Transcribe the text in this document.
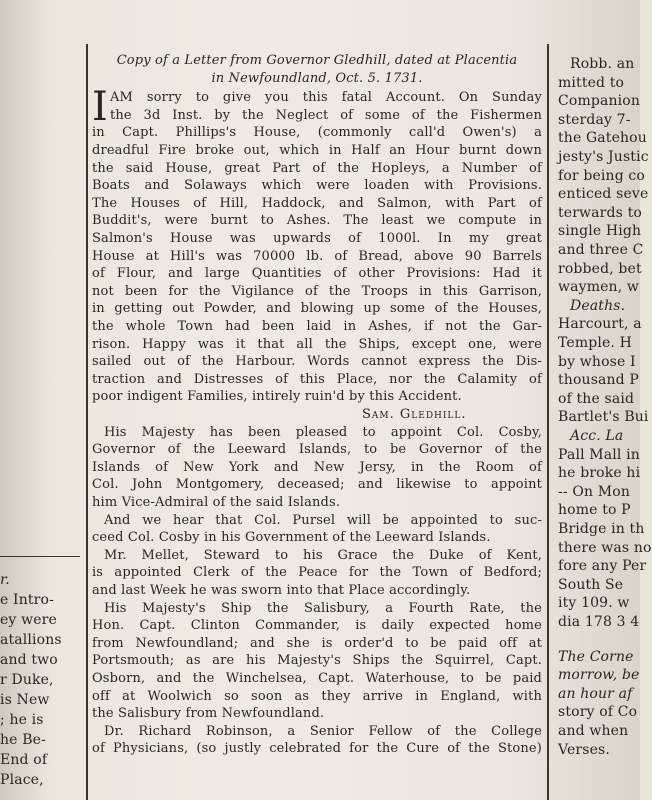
Copy of a Letter from Governor Gledhill, dated at Placentia
in Newfoundland, Oct. 5. 1731.
I AM sorry to give you this fatal Account. On Sunday
the 3d Inst. by the Neglect of some of the Fishermen
in Capt. Phillips's House, (commonly call'd Owen's) a
dreadful Fire broke out, which in Half an Hour burnt down
the said House, great Part of the Hopleys, a Number of
Boats and Solaways which were loaden with Provisions.
The Houses of Hill, Haddock, and Salmon, with Part of
Buddit's, were burnt to Ashes. The least we compute in
Salmon's House was upwards of 1000l. In my great
House at Hill's was 70000 lb. of Bread, above 90 Barrels
of Flour, and large Quantities of other Provisions: Had it
not been for the Vigilance of the Troops in this Garrison,
in getting out Powder, and blowing up some of the Houses,
the whole Town had been laid in Ashes, if not the Gar-
rison. Happy was it that all the Ships, except one, were
sailed out of the Harbour. Words cannot express the Dis-
traction and Distresses of this Place, nor the Calamity of
poor indigent Families, intirely ruin'd by this Accident.
Sam. Gledhill.
His Majesty has been pleased to appoint Col. Cosby,
Governor of the Leeward Islands, to be Governor of the
Islands of New York and New Jersy, in the Room of
Col. John Montgomery, deceased; and likewise to appoint
him Vice-Admiral of the said Islands.
And we hear that Col. Pursel will be appointed to suc-
ceed Col. Cosby in his Government of the Leeward Islands.
Mr. Mellet, Steward to his Grace the Duke of Kent,
is appointed Clerk of the Peace for the Town of Bedford;
and last Week he was sworn into that Place accordingly.
His Majesty's Ship the Salisbury, a Fourth Rate, the
Hon. Capt. Clinton Commander, is daily expected home
from Newfoundland; and she is order'd to be paid off at
Portsmouth; as are his Majesty's Ships the Squirrel, Capt.
Osborn, and the Winchelsea, Capt. Waterhouse, to be paid
off at Woolwich so soon as they arrive in England, with
the Salisbury from Newfoundland.
Dr. Richard Robinson, a Senior Fellow of the College
of Physicians, (so justly celebrated for the Cure of the Stone)
r.
e Intro-
ey were
atallions
and two
r Duke,
is New
; he is
he Be-
End of
Place,
Robb. an
mitted to
Companion
sterday 7-
the Gatehou
jesty's Justic
for being co
enticed seve
terwards to
single High
and three C
robbed, bet
waymen, w
Deaths.
Harcourt, a
Temple. H
by whose I
thousand P
of the said
Bartlet's Bui
Acc. La
Pall Mall in
he broke hi
-- On Mon
home to P
Bridge in th
there was no
fore any Per
South Se
ity 109. w
dia 178 3 4
The Corne
morrow, be
an hour af
story of Co
and when
Verses.
